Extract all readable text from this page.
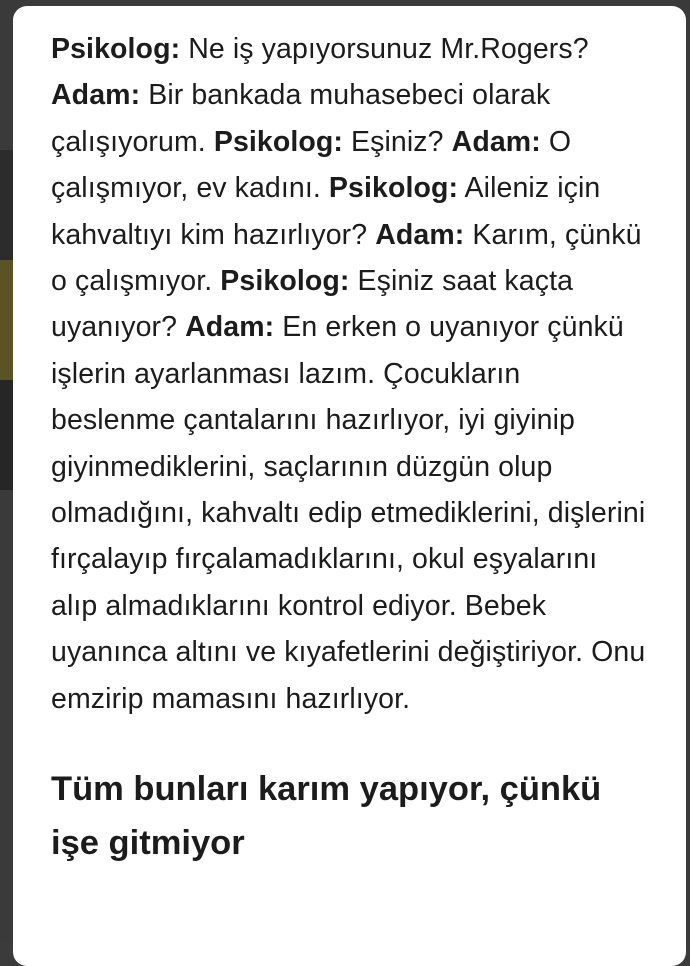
Psikolog: Ne iş yapıyorsunuz Mr.Rogers? Adam: Bir bankada muhasebeci olarak çalışıyorum. Psikolog: Eşiniz? Adam: O çalışmıyor, ev kadını. Psikolog: Aileniz için kahvaltıyı kim hazırlıyor? Adam: Karım, çünkü o çalışmıyor. Psikolog: Eşiniz saat kaçta uyanıyor? Adam: En erken o uyanıyor çünkü işlerin ayarlanması lazım. Çocukların beslenme çantalarını hazırlıyor, iyi giyinip giyinmediklerini, saçlarının düzgün olup olmadığını, kahvaltı edip etmediklerini, dişlerini fırçalayıp fırçalamadıklarını, okul eşyalarını alıp almadıklarını kontrol ediyor. Bebek uyanınca altını ve kıyafetlerini değiştiriyor. Onu emzirip mamasını hazırlıyor.

Tüm bunları karım yapıyor, çünkü işe gitmiyor
